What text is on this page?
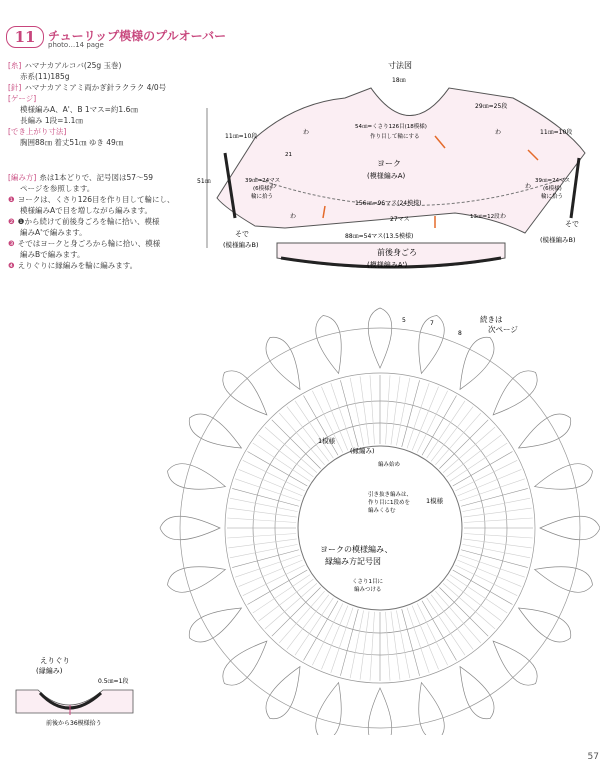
11	チューリップ模様のプルオーバー
photo…14 page
[糸] ハマナカアルコバ(25g 玉巻)
赤系(11)185g
[針] ハマナカアミアミ両かぎ針ラクラク 4/0号
[ゲージ]
模様編みA、A'、B 1マス=約1.6㎝
長編み 1段=1.1㎝
[でき上がり寸法]
胸囲88㎝ 着丈51㎝ ゆき 49㎝
[編み方] 糸は1本どりで、記号図は57～59
ページを参照します。
❶ ヨークは、くさり126目を作り目して輪にし、
模様編みAで目を増しながら編みます。
❷ ❶から続けて前後身ごろを輪に拾い、模様
編みA'で編みます。
❸ そではヨークと身ごろから輪に拾い、模様
編みBで編みます。
❹ えりぐりに縁編みを輪に編みます。
寸法図
18㎝
29㎝=25段
54㎝=くさり126目(18模様)
作り目して輪にする
ヨーク
(模様編みA)
156㎝=96マス(24模様)
27マス
88㎝=54マス(13.5模様)
前後身ごろ
(模様編みA')
11㎝=10段
11㎝=10段
39㎝=24マス
(6模様)
輪に拾う
39㎝=24マス
(6模様)
輪に拾う
そで
(模様編みB)
そで
(模様編みB)
51㎝
21
13㎝=12段
わ	わ
わ	わ
わ	わ
続きは
次ページ
5	7
8
1模様
(縁編み)
編み始め
引き抜き編みは、
作り目に1段めを
編みくるむ
1模様
ヨークの模様編み、
縁編み方記号図
くさり1目に
編みつける
えりぐり
(縁編み)
0.5㎝=1段
前後から36模様拾う
57
